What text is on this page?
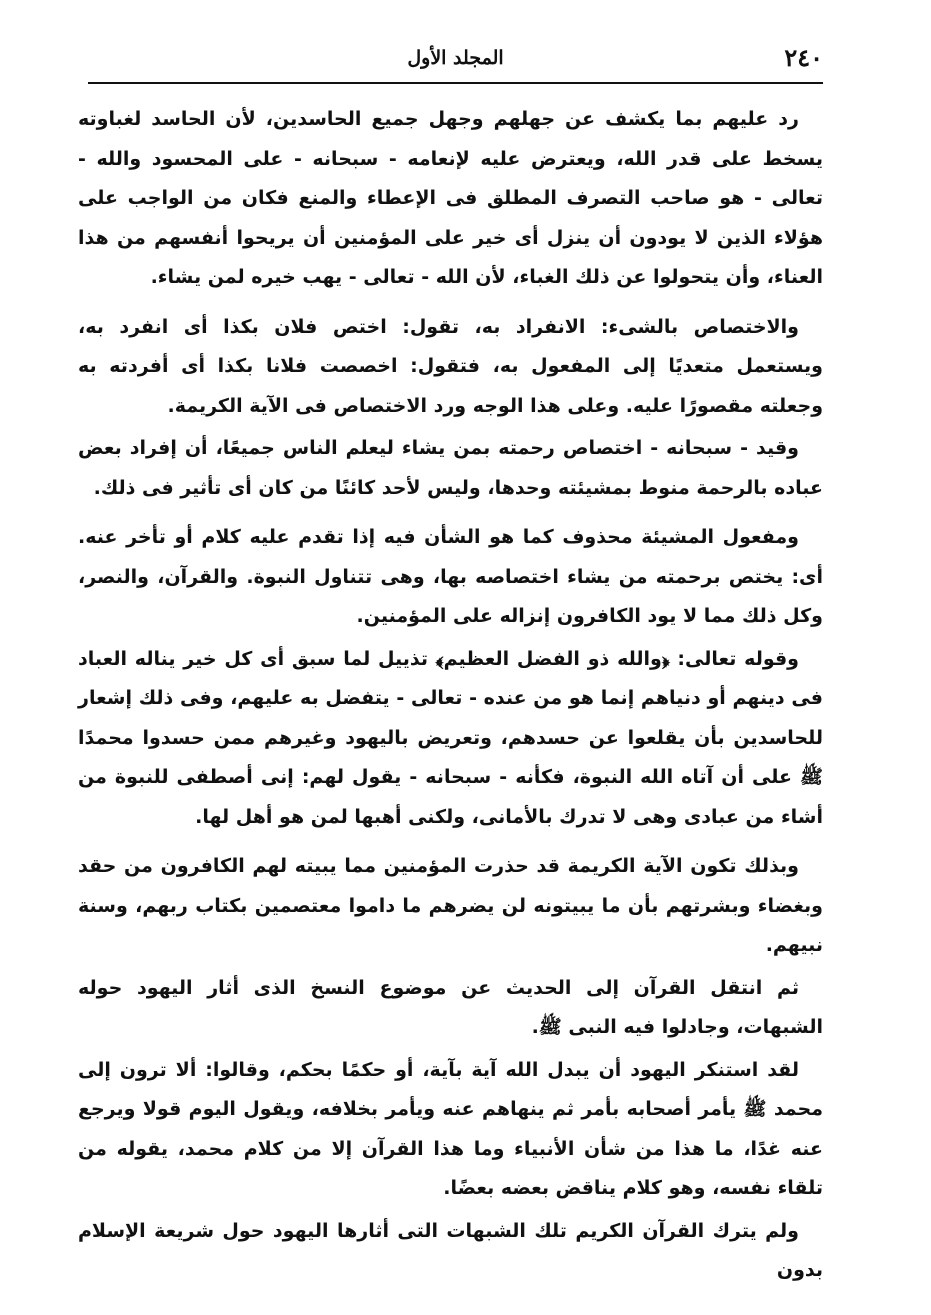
٢٤٠
المجلد الأول

رد عليهم بما يكشف عن جهلهم وجهل جميع الحاسدين، لأن الحاسد لغباوته يسخط على قدر الله، ويعترض عليه لإنعامه - سبحانه - على المحسود والله - تعالى - هو صاحب التصرف المطلق فى الإعطاء والمنع فكان من الواجب على هؤلاء الذين لا يودون أن ينزل أى خير على المؤمنين أن يريحوا أنفسهم من هذا العناء، وأن يتحولوا عن ذلك الغباء، لأن الله - تعالى - يهب خيره لمن يشاء.

والاختصاص بالشىء: الانفراد به، تقول: اختص فلان بكذا أى انفرد به، ويستعمل متعديًا إلى المفعول به، فتقول: اخصصت فلانا بكذا أى أفردته به وجعلته مقصورًا عليه. وعلى هذا الوجه ورد الاختصاص فى الآية الكريمة.

وقيد - سبحانه - اختصاص رحمته بمن يشاء ليعلم الناس جميعًا، أن إفراد بعض عباده بالرحمة منوط بمشيئته وحدها، وليس لأحد كائنًا من كان أى تأثير فى ذلك.

ومفعول المشيئة محذوف كما هو الشأن فيه إذا تقدم عليه كلام أو تأخر عنه. أى: يختص برحمته من يشاء اختصاصه بها، وهى تتناول النبوة. والقرآن، والنصر، وكل ذلك مما لا يود الكافرون إنزاله على المؤمنين.

وقوله تعالى: ﴿والله ذو الفضل العظيم﴾ تذييل لما سبق أى كل خير يناله العباد فى دينهم أو دنياهم إنما هو من عنده - تعالى - يتفضل به عليهم، وفى ذلك إشعار للحاسدين بأن يقلعوا عن حسدهم، وتعريض باليهود وغيرهم ممن حسدوا محمدًا ﷺ على أن آتاه الله النبوة، فكأنه - سبحانه - يقول لهم: إنى أصطفى للنبوة من أشاء من عبادى وهى لا تدرك بالأمانى، ولكنى أهبها لمن هو أهل لها.

وبذلك تكون الآية الكريمة قد حذرت المؤمنين مما يبيته لهم الكافرون من حقد وبغضاء وبشرتهم بأن ما يبيتونه لن يضرهم ما داموا معتصمين بكتاب ربهم، وسنة نبيهم.

ثم انتقل القرآن إلى الحديث عن موضوع النسخ الذى أثار اليهود حوله الشبهات، وجادلوا فيه النبى ﷺ.

لقد استنكر اليهود أن يبدل الله آية بآية، أو حكمًا بحكم، وقالوا: ألا ترون إلى محمد ﷺ يأمر أصحابه بأمر ثم ينهاهم عنه ويأمر بخلافه، ويقول اليوم قولا ويرجع عنه غدًا، ما هذا من شأن الأنبياء وما هذا القرآن إلا من كلام محمد، يقوله من تلقاء نفسه، وهو كلام يناقض بعضه بعضًا.

ولم يترك القرآن الكريم تلك الشبهات التى أثارها اليهود حول شريعة الإسلام بدون
